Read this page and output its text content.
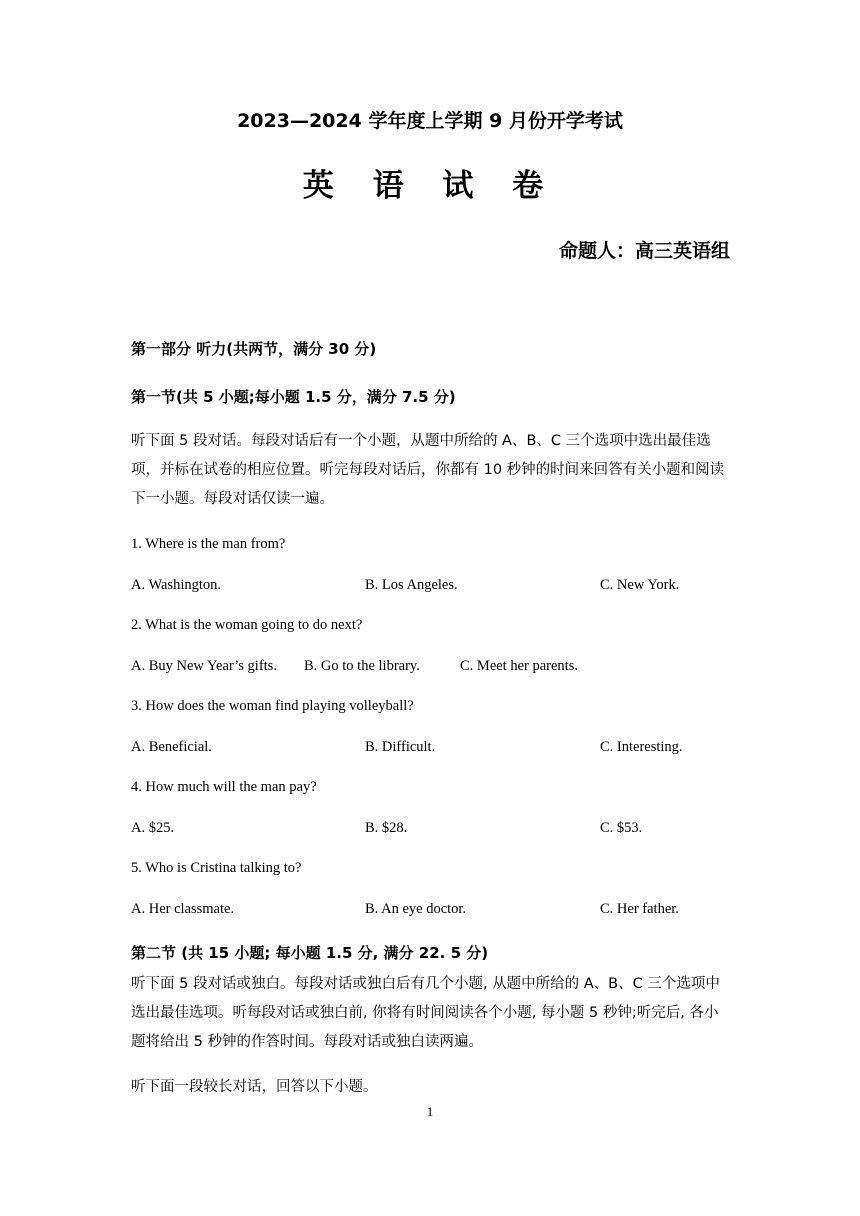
2023—2024 学年度上学期 9 月份开学考试
英 语 试 卷
命题人：高三英语组
第一部分 听力(共两节，满分 30 分)
第一节(共 5 小题;每小题 1.5 分，满分 7.5 分)
听下面 5 段对话。每段对话后有一个小题，从题中所给的 A、B、C 三个选项中选出最佳选项，并标在试卷的相应位置。听完每段对话后，你都有 10 秒钟的时间来回答有关小题和阅读下一小题。每段对话仅读一遍。
1. Where is the man from?
A. Washington.	B. Los Angeles.	C. New York.
2. What is the woman going to do next?
A. Buy New Year’s gifts. B. Go to the library.	C. Meet her parents.
3. How does the woman find playing volleyball?
A. Beneficial.	B. Difficult.	C. Interesting.
4. How much will the man pay?
A. $25.	B. $28.	C. $53.
5. Who is Cristina talking to?
A. Her classmate.	B. An eye doctor.	C. Her father.
第二节 (共 15 小题; 每小题 1.5 分, 满分 22. 5 分)
听下面 5 段对话或独白。每段对话或独白后有几个小题, 从题中所给的 A、B、C 三个选项中选出最佳选项。听每段对话或独白前, 你将有时间阅读各个小题, 每小题 5 秒钟;听完后, 各小题将给出 5 秒钟的作答时间。每段对话或独白读两遍。
听下面一段较长对话，回答以下小题。
1
